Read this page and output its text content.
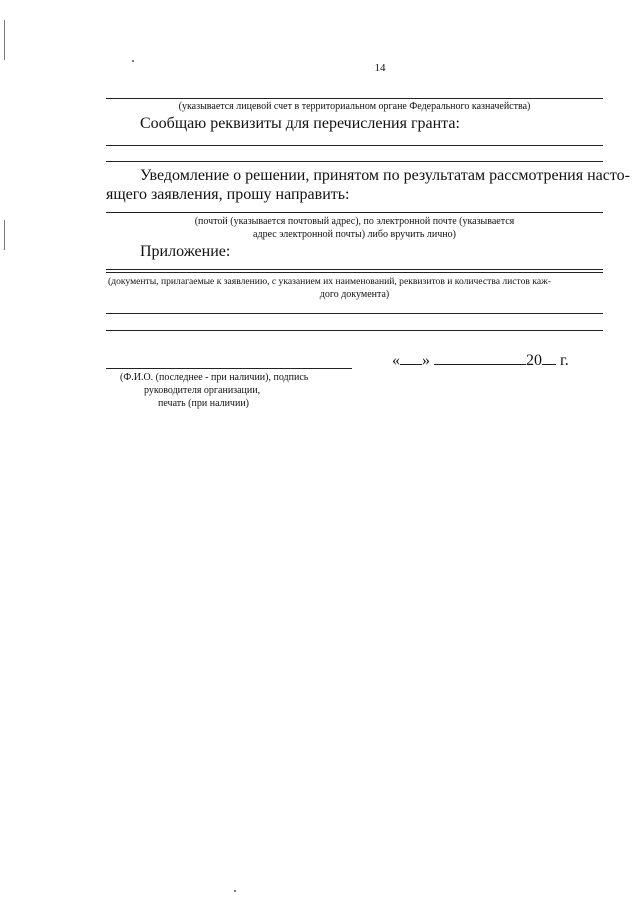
14
(указывается лицевой счет в территориальном органе Федерального казначейства)
Сообщаю реквизиты для перечисления гранта:
Уведомление о решении, принятом по результатам рассмотрения насто-
ящего заявления, прошу направить:
(почтой (указывается почтовый адрес), по электронной почте (указывается
адрес электронной почты) либо вручить лично)
Приложение:
(документы, прилагаемые к заявлению, с указанием их наименований, реквизитов и количества листов каж-
дого документа)
« »	20 г.
(Ф.И.О. (последнее - при наличии), подпись
руководителя организации,
печать (при наличии)
